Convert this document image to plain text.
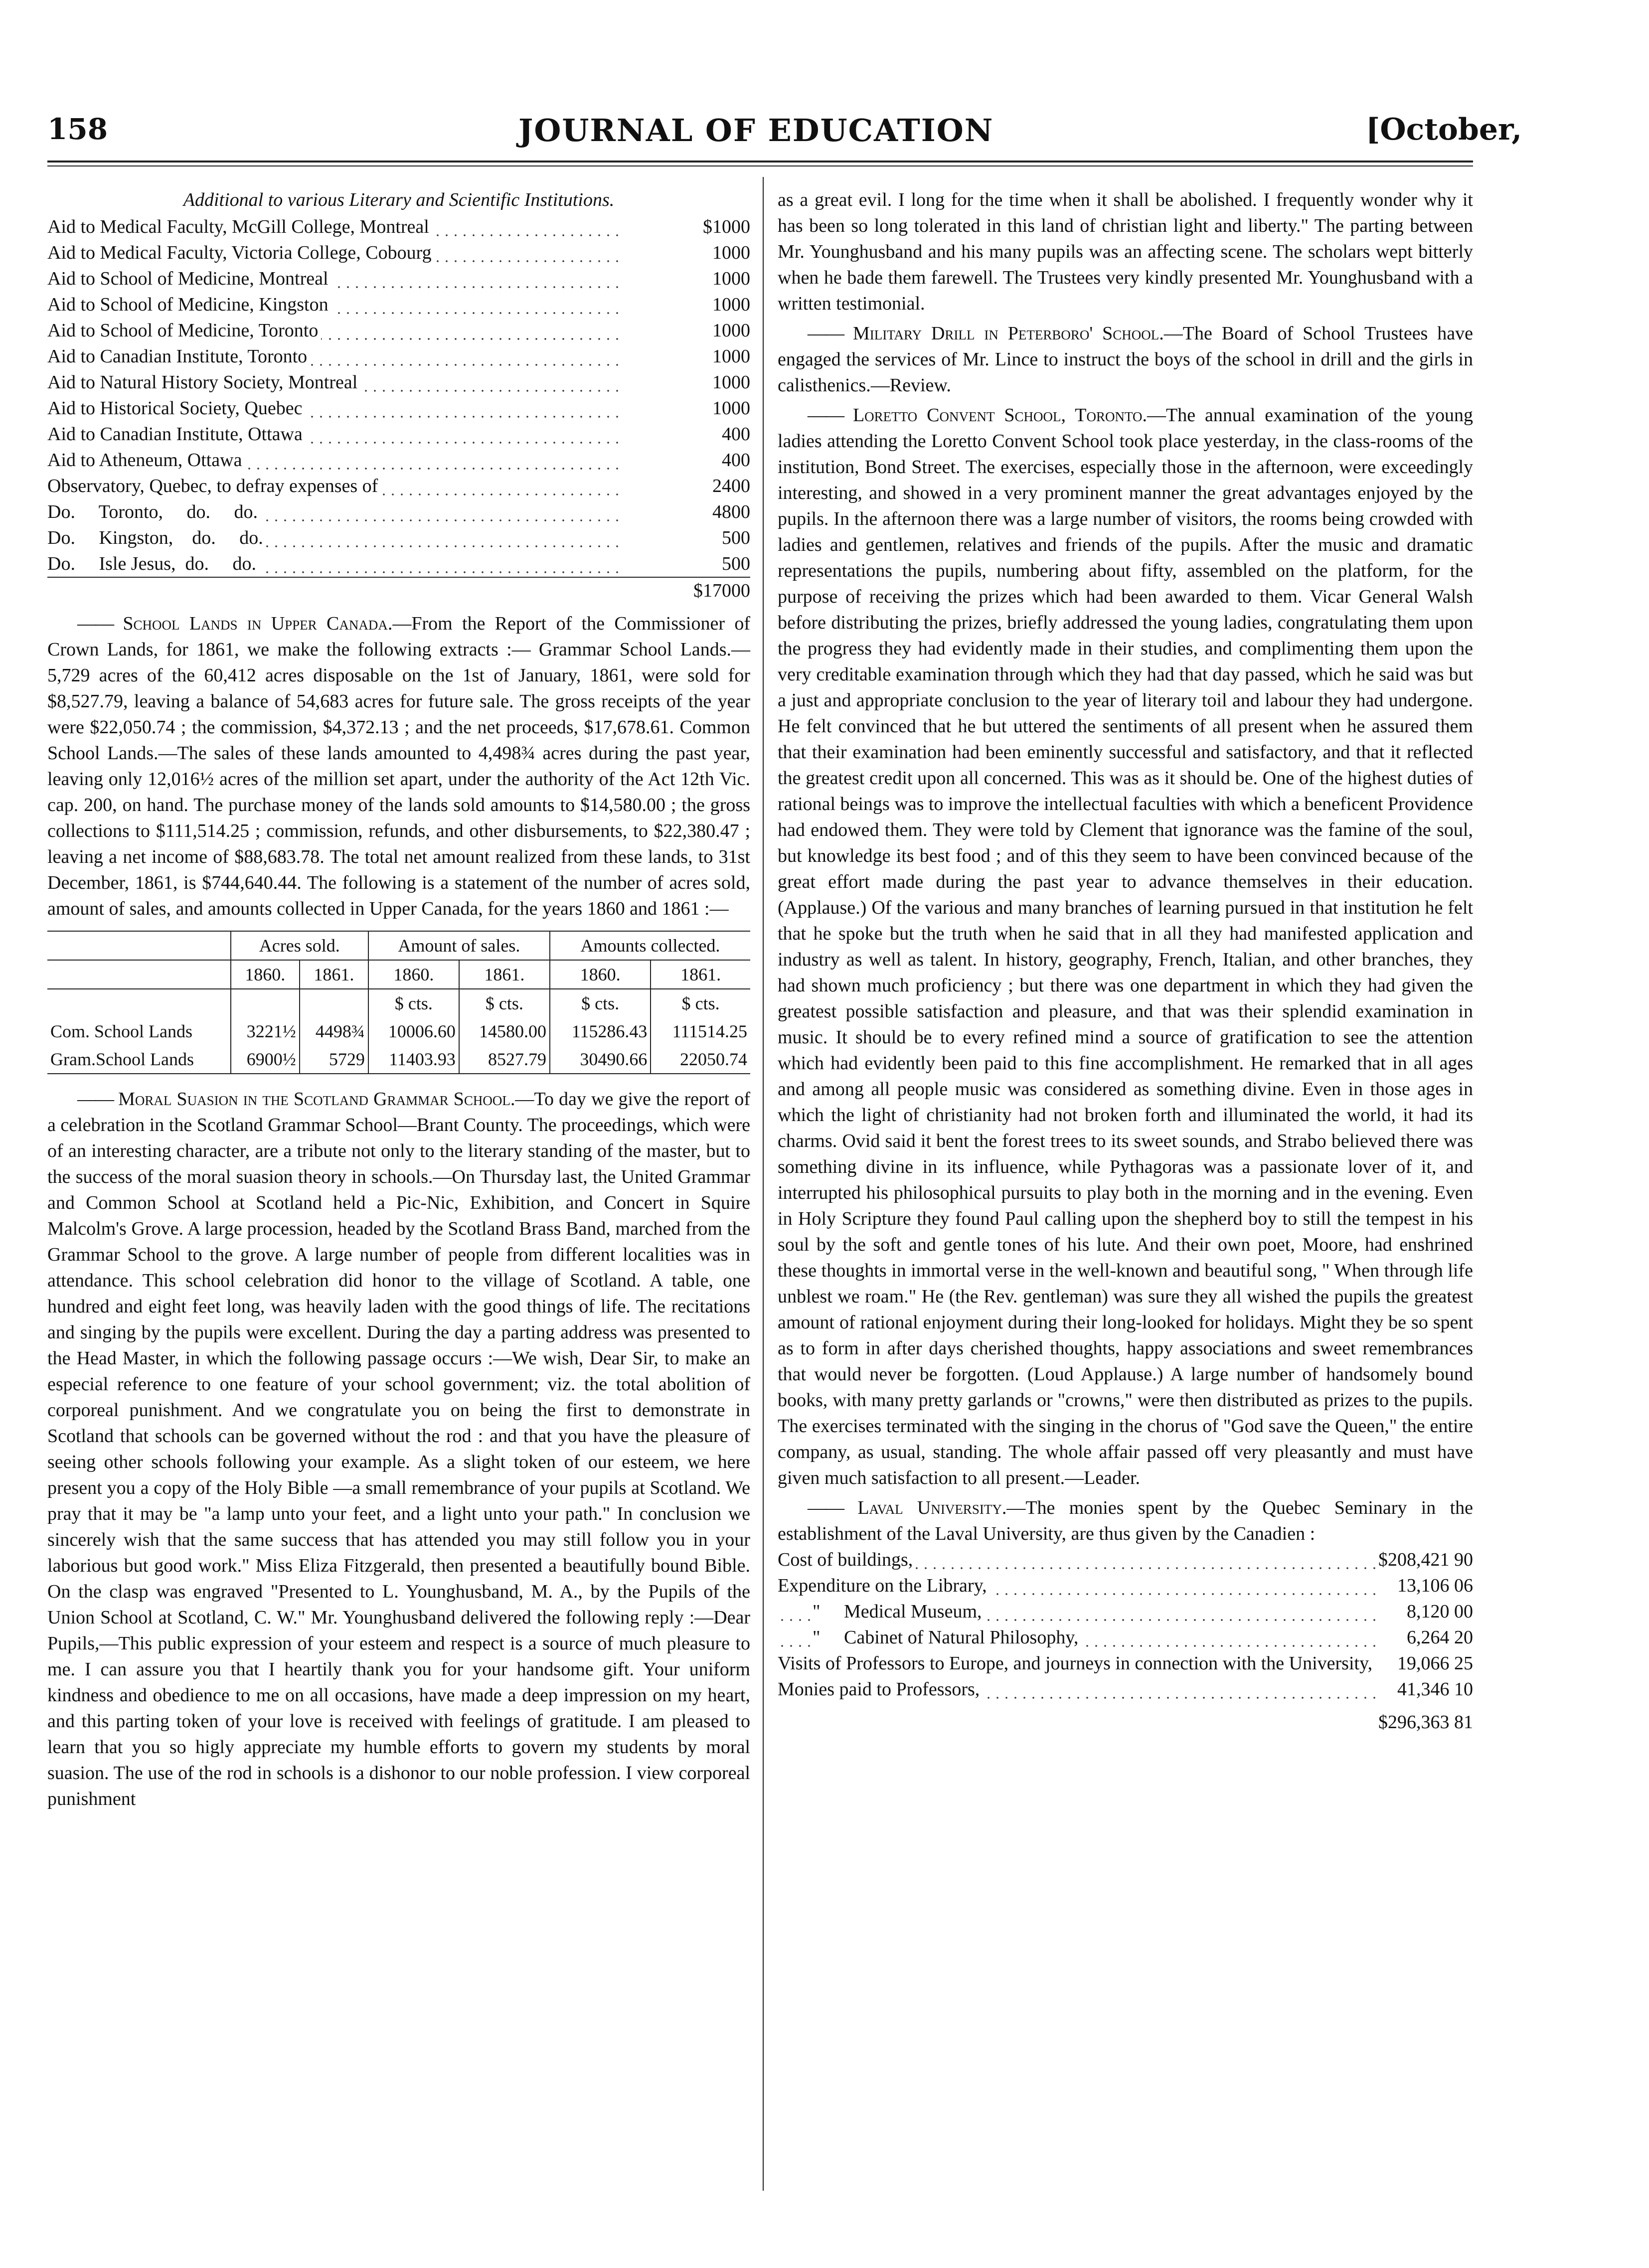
158	JOURNAL OF EDUCATION	[October,
Additional to various Literary and Scientific Institutions.
Aid to Medical Faculty, McGill College, Montreal	$1000
Aid to Medical Faculty, Victoria College, Cobourg	1000
Aid to School of Medicine, Montreal	1000
Aid to School of Medicine, Kingston	1000
Aid to School of Medicine, Toronto	1000
Aid to Canadian Institute, Toronto	1000
Aid to Natural History Society, Montreal	1000
Aid to Historical Society, Quebec	1000
Aid to Canadian Institute, Ottawa	400
Aid to Atheneum, Ottawa	400
Observatory, Quebec, to defray expenses of	2400
Do.     Toronto,     do.     do.	4800
Do.     Kingston,    do.     do.	500
Do.     Isle Jesus,  do.     do.	500
	$17000

—— School Lands in Upper Canada.—From the Report of the Commissioner of Crown Lands, for 1861, we make the following extracts :— Grammar School Lands.—5,729 acres of the 60,412 acres disposable on the 1st of January, 1861, were sold for $8,527.79, leaving a balance of 54,683 acres for future sale. The gross receipts of the year were $22,050.74 ; the commission, $4,372.13 ; and the net proceeds, $17,678.61. Common School Lands.—The sales of these lands amounted to 4,498¾ acres during the past year, leaving only 12,016½ acres of the million set apart, under the authority of the Act 12th Vic. cap. 200, on hand. The purchase money of the lands sold amounts to $14,580.00 ; the gross collections to $111,514.25 ; commission, refunds, and other disbursements, to $22,380.47 ; leaving a net income of $88,683.78. The total net amount realized from these lands, to 31st December, 1861, is $744,640.44. The following is a statement of the number of acres sold, amount of sales, and amounts collected in Upper Canada, for the years 1860 and 1861 :—

	Acres sold.		Amount of sales.		Amounts collected.	
	1860.	1861.	1860.	1861.	1860.	1861.
			$ cts.	$ cts.	$ cts.	$ cts.
Com. School Lands	3221½	4498¾	10006.60	14580.00	115286.43	111514.25
Gram.School Lands	6900½	5729	11403.93	8527.79	30490.66	22050.74

—— Moral Suasion in the Scotland Grammar School.—To day we give the report of a celebration in the Scotland Grammar School—Brant County. The proceedings, which were of an interesting character, are a tribute not only to the literary standing of the master, but to the success of the moral suasion theory in schools.—On Thursday last, the United Grammar and Common School at Scotland held a Pic-Nic, Exhibition, and Concert in Squire Malcolm's Grove. A large procession, headed by the Scotland Brass Band, marched from the Grammar School to the grove. A large number of people from different localities was in attendance. This school celebration did honor to the village of Scotland. A table, one hundred and eight feet long, was heavily laden with the good things of life. The recitations and singing by the pupils were excellent. During the day a parting address was presented to the Head Master, in which the following passage occurs :—We wish, Dear Sir, to make an especial reference to one feature of your school government; viz. the total abolition of corporeal punishment. And we congratulate you on being the first to demonstrate in Scotland that schools can be governed without the rod : and that you have the pleasure of seeing other schools following your example. As a slight token of our esteem, we here present you a copy of the Holy Bible —a small remembrance of your pupils at Scotland. We pray that it may be "a lamp unto your feet, and a light unto your path." In conclusion we sincerely wish that the same success that has attended you may still follow you in your laborious but good work." Miss Eliza Fitzgerald, then presented a beautifully bound Bible. On the clasp was engraved "Presented to L. Younghusband, M. A., by the Pupils of the Union School at Scotland, C. W." Mr. Younghusband delivered the following reply :—Dear Pupils,—This public expression of your esteem and respect is a source of much pleasure to me. I can assure you that I heartily thank you for your handsome gift. Your uniform kindness and obedience to me on all occasions, have made a deep impression on my heart, and this parting token of your love is received with feelings of gratitude. I am pleased to learn that you so higly appreciate my humble efforts to govern my students by moral suasion. The use of the rod in schools is a dishonor to our noble profession. I view corporeal punishment

as a great evil. I long for the time when it shall be abolished. I frequently wonder why it has been so long tolerated in this land of christian light and liberty." The parting between Mr. Younghusband and his many pupils was an affecting scene. The scholars wept bitterly when he bade them farewell. The Trustees very kindly presented Mr. Younghusband with a written testimonial.

—— Military Drill in Peterboro' School.—The Board of School Trustees have engaged the services of Mr. Lince to instruct the boys of the school in drill and the girls in calisthenics.—Review.

—— Loretto Convent School, Toronto.—The annual examination of the young ladies attending the Loretto Convent School took place yesterday, in the class-rooms of the institution, Bond Street. The exercises, especially those in the afternoon, were exceedingly interesting, and showed in a very prominent manner the great advantages enjoyed by the pupils. In the afternoon there was a large number of visitors, the rooms being crowded with ladies and gentlemen, relatives and friends of the pupils. After the music and dramatic representations the pupils, numbering about fifty, assembled on the platform, for the purpose of receiving the prizes which had been awarded to them. Vicar General Walsh before distributing the prizes, briefly addressed the young ladies, congratulating them upon the progress they had evidently made in their studies, and complimenting them upon the very creditable examination through which they had that day passed, which he said was but a just and appropriate conclusion to the year of literary toil and labour they had undergone. He felt convinced that he but uttered the sentiments of all present when he assured them that their examination had been eminently successful and satisfactory, and that it reflected the greatest credit upon all concerned. This was as it should be. One of the highest duties of rational beings was to improve the intellectual faculties with which a beneficent Providence had endowed them. They were told by Clement that ignorance was the famine of the soul, but knowledge its best food ; and of this they seem to have been convinced because of the great effort made during the past year to advance themselves in their education. (Applause.) Of the various and many branches of learning pursued in that institution he felt that he spoke but the truth when he said that in all they had manifested application and industry as well as talent. In history, geography, French, Italian, and other branches, they had shown much proficiency ; but there was one department in which they had given the greatest possible satisfaction and pleasure, and that was their splendid examination in music. It should be to every refined mind a source of gratification to see the attention which had evidently been paid to this fine accomplishment. He remarked that in all ages and among all people music was considered as something divine. Even in those ages in which the light of christianity had not broken forth and illuminated the world, it had its charms. Ovid said it bent the forest trees to its sweet sounds, and Strabo believed there was something divine in its influence, while Pythagoras was a passionate lover of it, and interrupted his philosophical pursuits to play both in the morning and in the evening. Even in Holy Scripture they found Paul calling upon the shepherd boy to still the tempest in his soul by the soft and gentle tones of his lute. And their own poet, Moore, had enshrined these thoughts in immortal verse in the well-known and beautiful song, " When through life unblest we roam." He (the Rev. gentleman) was sure they all wished the pupils the greatest amount of rational enjoyment during their long-looked for holidays. Might they be so spent as to form in after days cherished thoughts, happy associations and sweet remembrances that would never be forgotten. (Loud Applause.) A large number of handsomely bound books, with many pretty garlands or "crowns," were then distributed as prizes to the pupils. The exercises terminated with the singing in the chorus of "God save the Queen," the entire company, as usual, standing. The whole affair passed off very pleasantly and must have given much satisfaction to all present.—Leader.

—— Laval University.—The monies spent by the Quebec Seminary in the establishment of the Laval University, are thus given by the Canadien :

Cost of buildings,	$208,421 90
Expenditure on the Library,	13,106 06
"     Medical Museum,	8,120 00
"     Cabinet of Natural Philosophy,	6,264 20
Visits of Professors to Europe, and journeys in connection with the University,	19,066 25
Monies paid to Professors,	41,346 10
	$296,363 81
